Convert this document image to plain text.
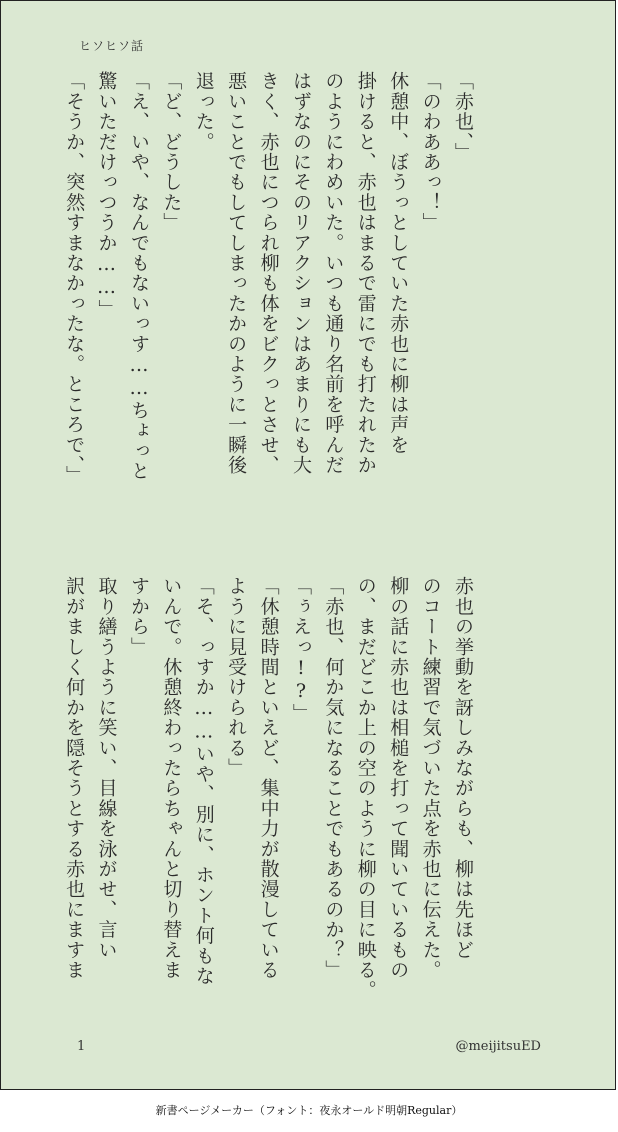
ヒソヒソ話
「赤也、」
「のわああっ！」
休憩中、ぼうっとしていた赤也に柳は声を
掛けると、赤也はまるで雷にでも打たれたか
のようにわめいた。いつも通り名前を呼んだ
はずなのにそのリアクションはあまりにも大
きく、赤也につられ柳も体をビクっとさせ、
悪いことでもしてしまったかのように一瞬後
退った。
「ど、どうした」
「え、いや、なんでもないっす……ちょっと
驚いただけっつうか……」
「そうか、突然すまなかったな。ところで、」
赤也の挙動を訝しみながらも、柳は先ほど
のコート練習で気づいた点を赤也に伝えた。
柳の話に赤也は相槌を打って聞いているもの
の、まだどこか上の空のように柳の目に映る。
「赤也、何か気になることでもあるのか？」
「ぅえっ!?」
「休憩時間といえど、集中力が散漫している
ように見受けられる」
「そ、っすか……いや、別に、ホント何もな
いんで。休憩終わったらちゃんと切り替えま
すから」
取り繕うように笑い、目線を泳がせ、言い
訳がましく何かを隠そうとする赤也にますま
1	@meijitsuED
新書ページメーカー（フォント：夜永オールド明朝Regular）
